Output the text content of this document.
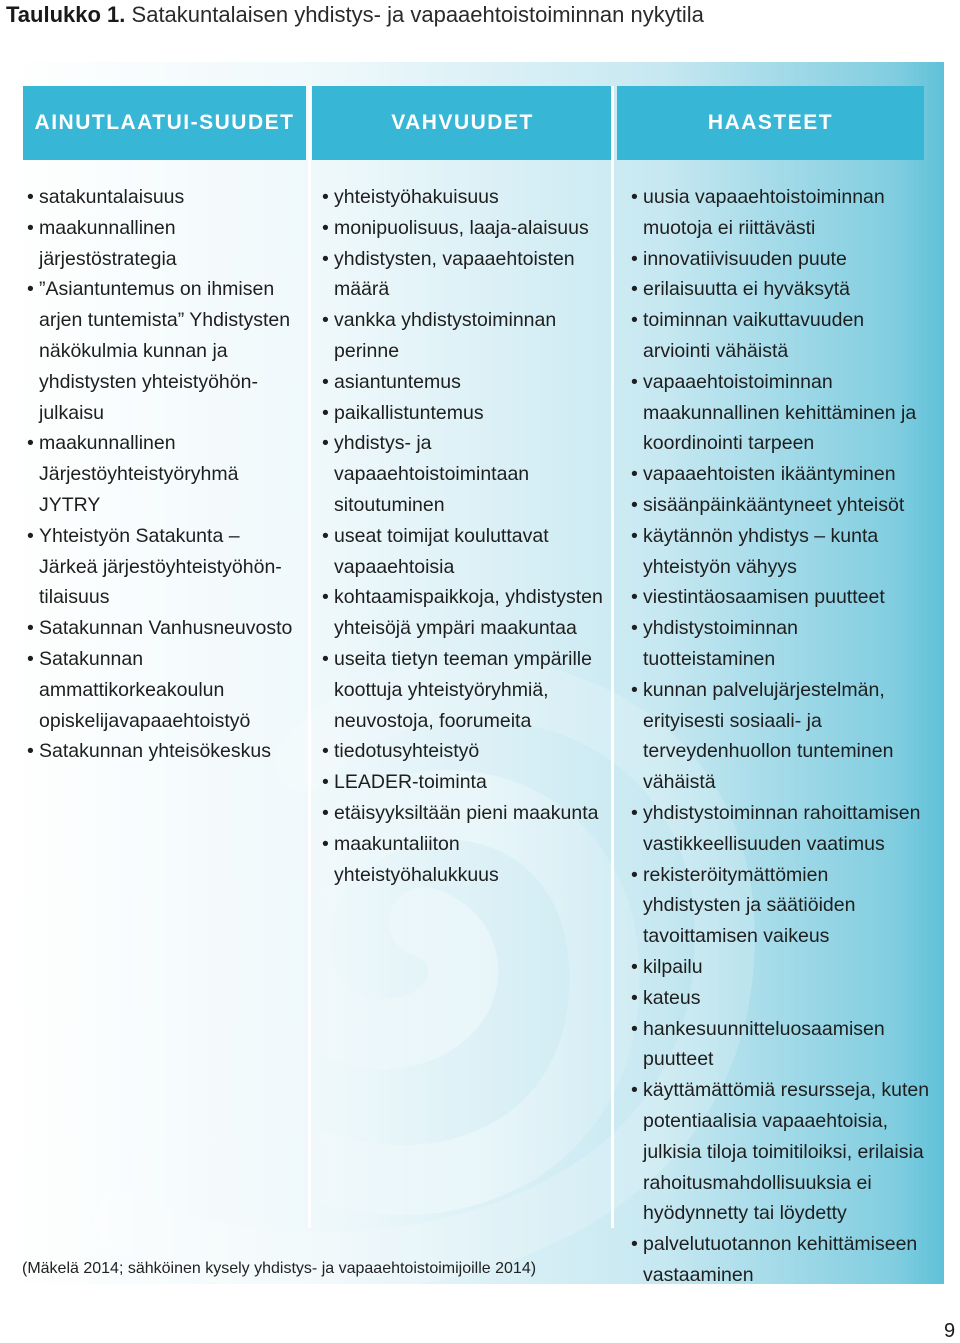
Taulukko 1. Satakuntalaisen yhdistys- ja vapaaehtoistoiminnan nykytila
AINUTLAATUI-SUUDET	VAHVUUDET	HAASTEET
• satakuntalaisuus
• maakunnallinen järjestöstrategia
• ”Asiantuntemus on ihmisen arjen tuntemista” Yhdistysten näkökulmia kunnan ja yhdistysten yhteistyöhön-julkaisu
• maakunnallinen Järjestöyhteistyöryhmä JYTRY
• Yhteistyön Satakunta – Järkeä järjestöyhteistyöhön-tilaisuus
• Satakunnan Vanhusneuvosto
• Satakunnan ammattikorkeakoulun opiskelijavapaaehtoistyö
• Satakunnan yhteisökeskus
• yhteistyöhakuisuus
• monipuolisuus, laaja-alaisuus
• yhdistysten, vapaaehtoisten määrä
• vankka yhdistystoiminnan perinne
• asiantuntemus
• paikallistuntemus
• yhdistys- ja vapaaehtoistoimintaan sitoutuminen
• useat toimijat kouluttavat vapaaehtoisia
• kohtaamispaikkoja, yhdistysten yhteisöjä ympäri maakuntaa
• useita tietyn teeman ympärille koottuja yhteistyöryhmiä, neuvostoja, foorumeita
• tiedotusyhteistyö
• LEADER-toiminta
• etäisyyksiltään pieni maakunta
• maakuntaliiton yhteistyöhalukkuus
• uusia vapaaehtoistoiminnan muotoja ei riittävästi
• innovatiivisuuden puute
• erilaisuutta ei hyväksytä
• toiminnan vaikuttavuuden arviointi vähäistä
• vapaaehtoistoiminnan maakunnallinen kehittäminen ja koordinointi tarpeen
• vapaaehtoisten ikääntyminen
• sisäänpäinkääntyneet yhteisöt
• käytännön yhdistys – kunta yhteistyön vähyys
• viestintäosaamisen puutteet
• yhdistystoiminnan tuotteistaminen
• kunnan palvelujärjestelmän, erityisesti sosiaali- ja terveydenhuollon tunteminen vähäistä
• yhdistystoiminnan rahoittamisen vastikkeellisuuden vaatimus
• rekisteröitymättömien yhdistysten ja säätiöiden tavoittamisen vaikeus
• kilpailu
• kateus
• hankesuunnitteluosaamisen puutteet
• käyttämättömiä resursseja, kuten potentiaalisia vapaaehtoisia, julkisia tiloja toimitiloiksi, erilaisia rahoitusmahdollisuuksia ei hyödynnetty tai löydetty
• palvelutuotannon kehittämiseen vastaaminen
(Mäkelä 2014; sähköinen kysely yhdistys- ja vapaaehtoistoimijoille 2014)
9
